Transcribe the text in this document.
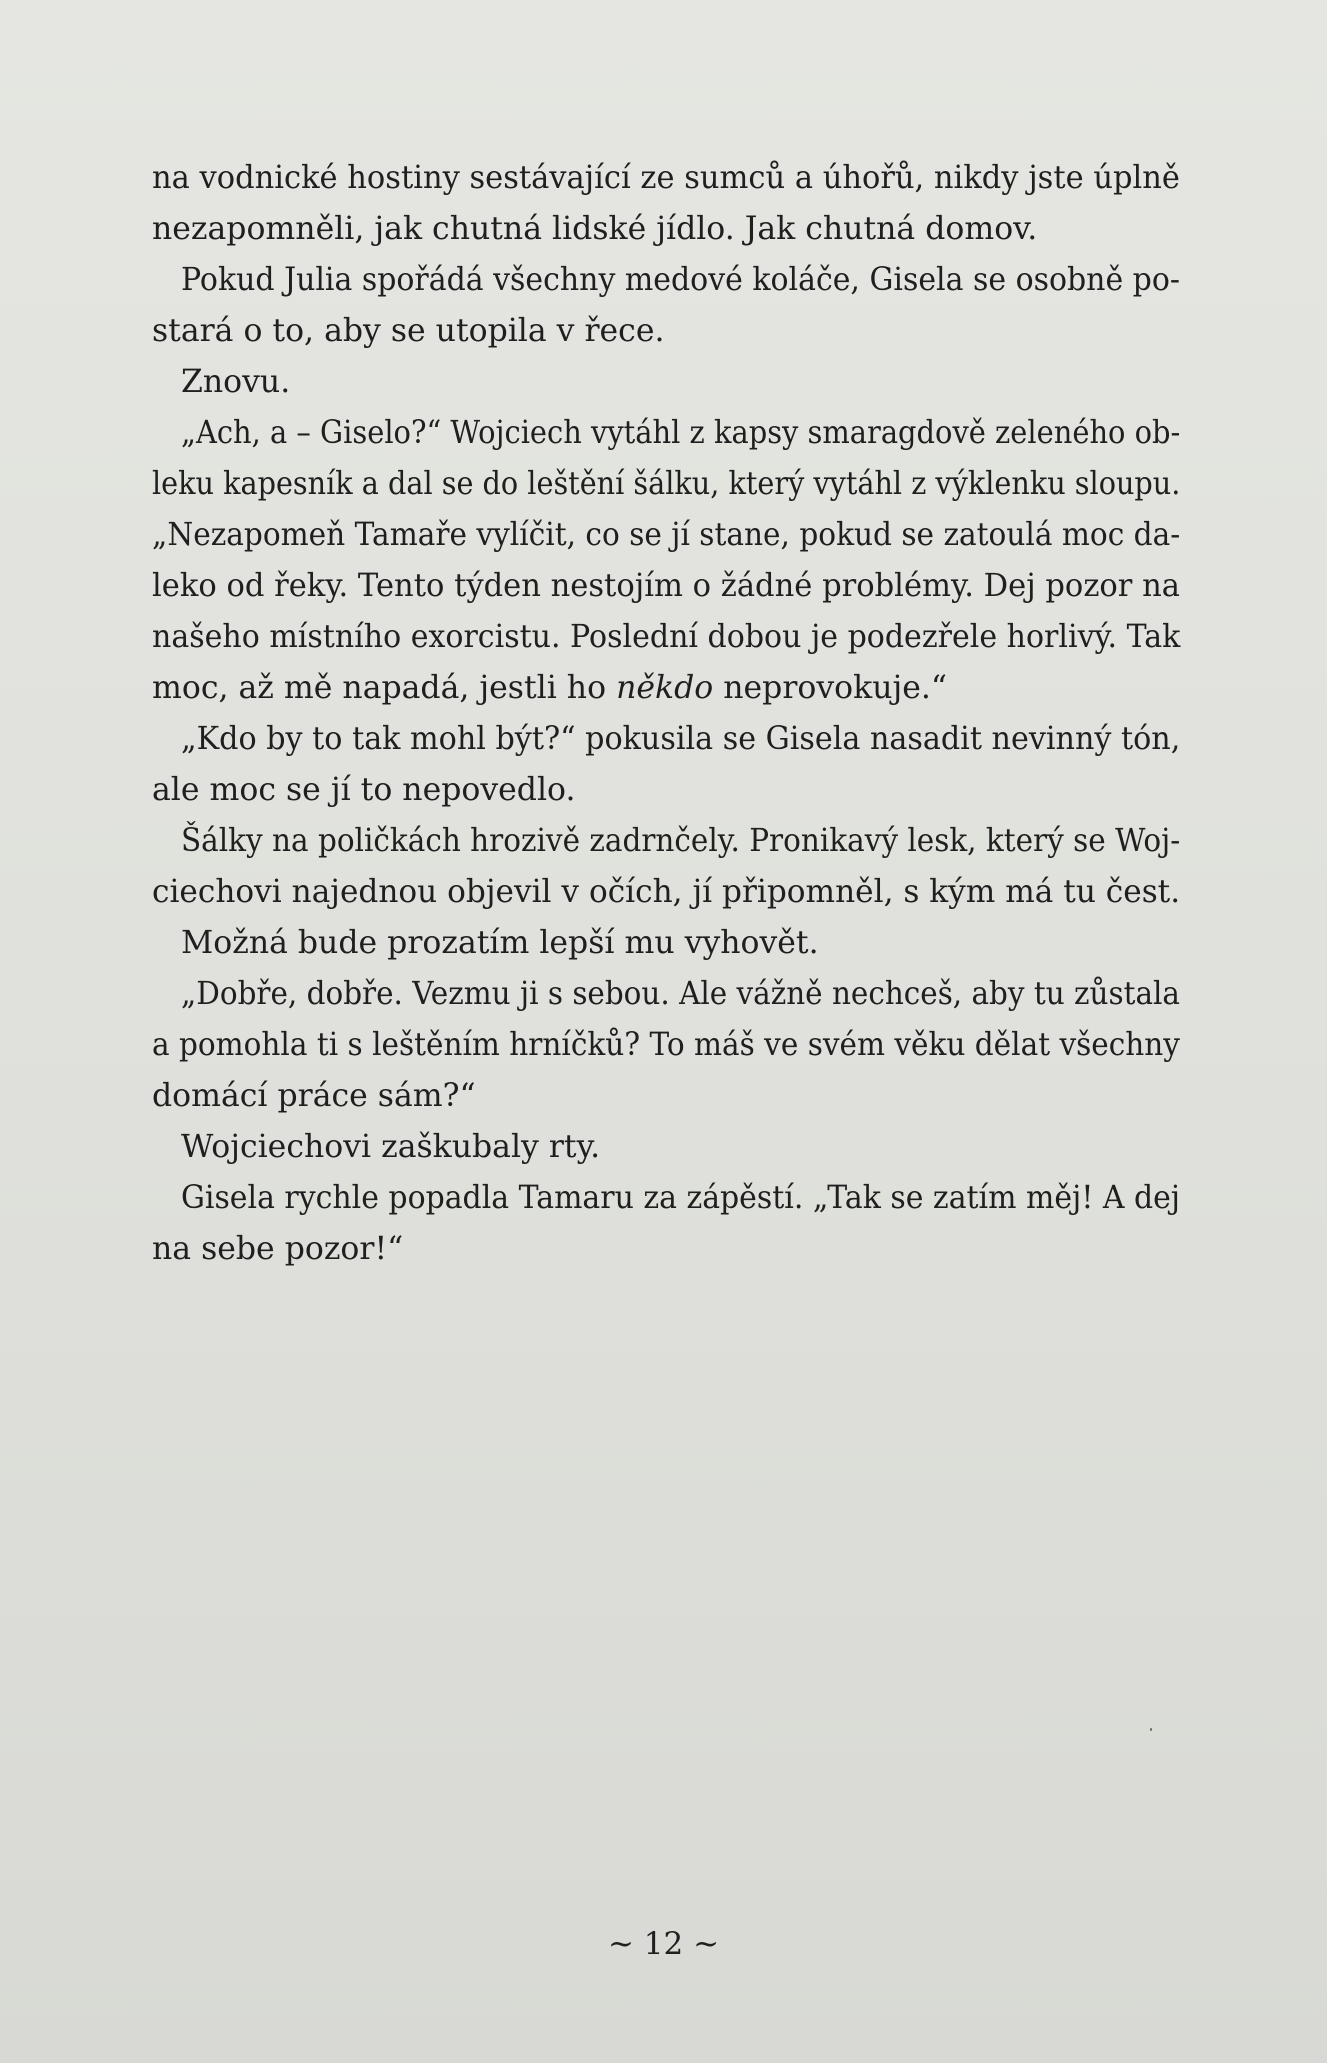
na vodnické hostiny sestávající ze sumců a úhořů, nikdy jste úplně
nezapomněli, jak chutná lidské jídlo. Jak chutná domov.
Pokud Julia spořádá všechny medové koláče, Gisela se osobně po-
stará o to, aby se utopila v řece.
Znovu.
„Ach, a – Giselo?“ Wojciech vytáhl z kapsy smaragdově zeleného ob-
leku kapesník a dal se do leštění šálku, který vytáhl z výklenku sloupu.
„Nezapomeň Tamaře vylíčit, co se jí stane, pokud se zatoulá moc da-
leko od řeky. Tento týden nestojím o žádné problémy. Dej pozor na
našeho místního exorcistu. Poslední dobou je podezřele horlivý. Tak
moc, až mě napadá, jestli ho někdo neprovokuje.“
„Kdo by to tak mohl být?“ pokusila se Gisela nasadit nevinný tón,
ale moc se jí to nepovedlo.
Šálky na poličkách hrozivě zadrnčely. Pronikavý lesk, který se Woj-
ciechovi najednou objevil v očích, jí připomněl, s kým má tu čest.
Možná bude prozatím lepší mu vyhovět.
„Dobře, dobře. Vezmu ji s sebou. Ale vážně nechceš, aby tu zůstala
a pomohla ti s leštěním hrníčků? To máš ve svém věku dělat všechny
domácí práce sám?“
Wojciechovi zaškubaly rty.
Gisela rychle popadla Tamaru za zápěstí. „Tak se zatím měj! A dej
na sebe pozor!“
~ 12 ~
